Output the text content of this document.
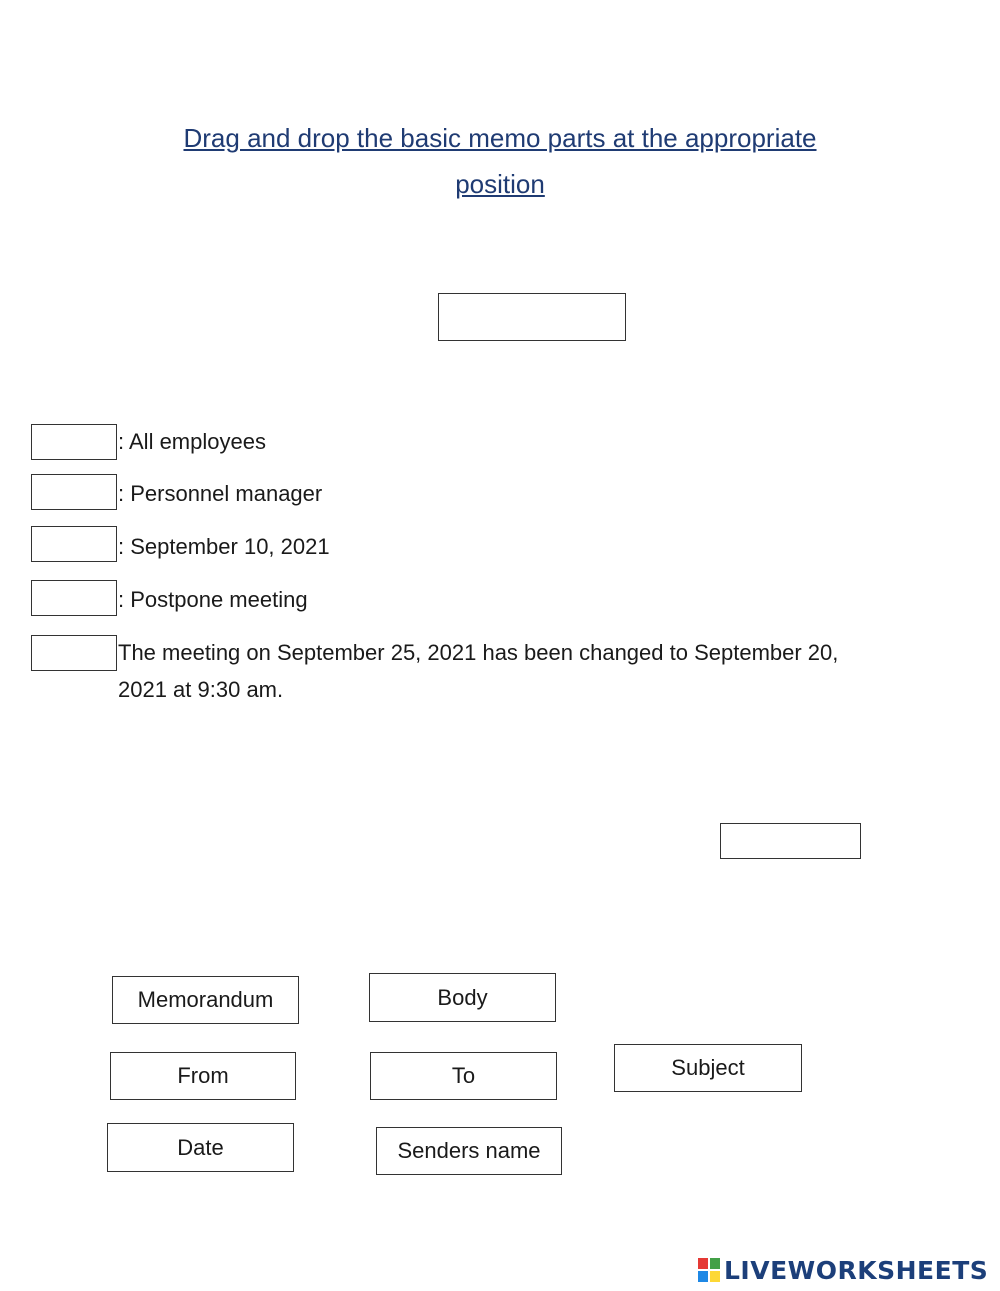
Drag and drop the basic memo parts at the appropriate position
: All employees
: Personnel manager
: September 10, 2021
: Postpone meeting
The meeting on September 25, 2021 has been changed to September 20, 2021 at 9:30 am.
Memorandum	Body
From	To	Subject
Date	Senders name
LIVEWORKSHEETS
